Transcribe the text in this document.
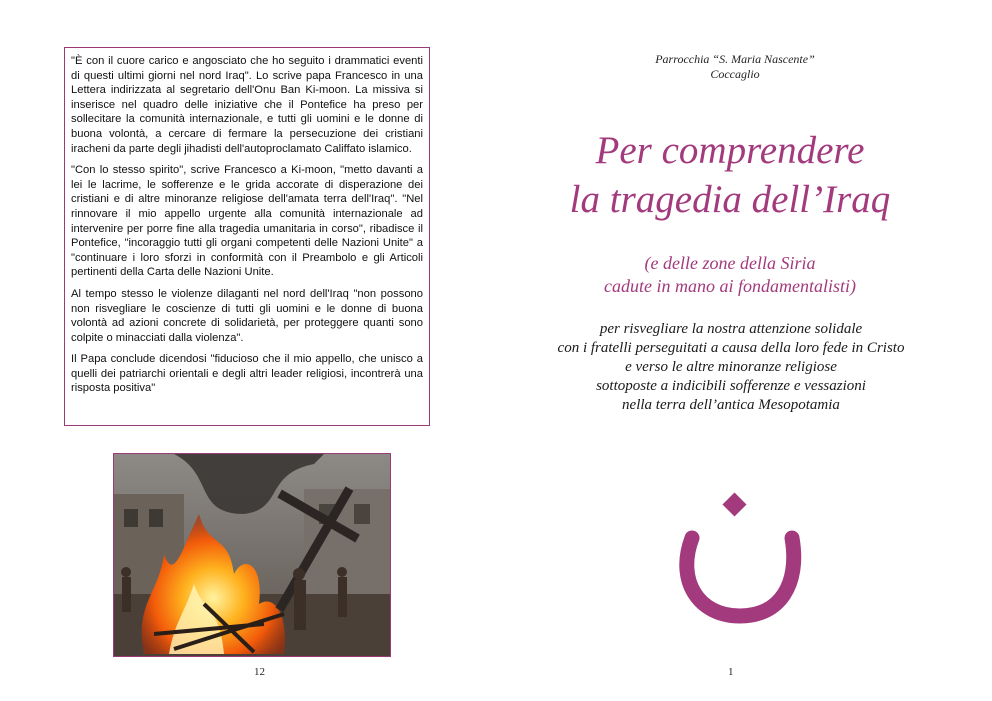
"È con il cuore carico e angosciato che ho seguito i drammatici eventi di questi ultimi giorni nel nord Iraq". Lo scrive papa Francesco in una Lettera indirizzata al segretario dell'Onu Ban Ki-moon. La missiva si inserisce nel quadro delle iniziative che il Pontefice ha preso per sollecitare la comunità internazionale, e tutti gli uomini e le donne di buona volontà, a cercare di fermare la persecuzione dei cristiani iracheni da parte degli jihadisti dell'autoproclamato Califfato islamico.

"Con lo stesso spirito", scrive Francesco a Ki-moon, "metto davanti a lei le lacrime, le sofferenze e le grida accorate di disperazione dei cristiani e di altre minoranze religiose dell'amata terra dell'Iraq". "Nel rinnovare il mio appello urgente alla comunità internazionale ad intervenire per porre fine alla tragedia umanitaria in corso", ribadisce il Pontefice, "incoraggio tutti gli organi competenti delle Nazioni Unite" a "continuare i loro sforzi in conformità con il Preambolo e gli Articoli pertinenti della Carta delle Nazioni Unite.

Al tempo stesso le violenze dilaganti nel nord dell'Iraq "non possono non risvegliare le coscienze di tutti gli uomini e le donne di buona volontà ad azioni concrete di solidarietà, per proteggere quanti sono colpite o minacciati dalla violenza".

Il Papa conclude dicendosi "fiducioso che il mio appello, che unisco a quelli dei patriarchi orientali e degli altri leader religiosi, incontrerà una risposta positiva"

12
Parrocchia “S. Maria Nascente”
Coccaglio
Per comprendere
la tragedia dell’Iraq
(e delle zone della Siria
cadute in mano ai fondamentalisti)
per risvegliare la nostra attenzione solidale
con i fratelli perseguitati a causa della loro fede in Cristo
e verso le altre minoranze religiose
sottoposte a indicibili sofferenze e vessazioni
nella terra dell’antica Mesopotamia
1
